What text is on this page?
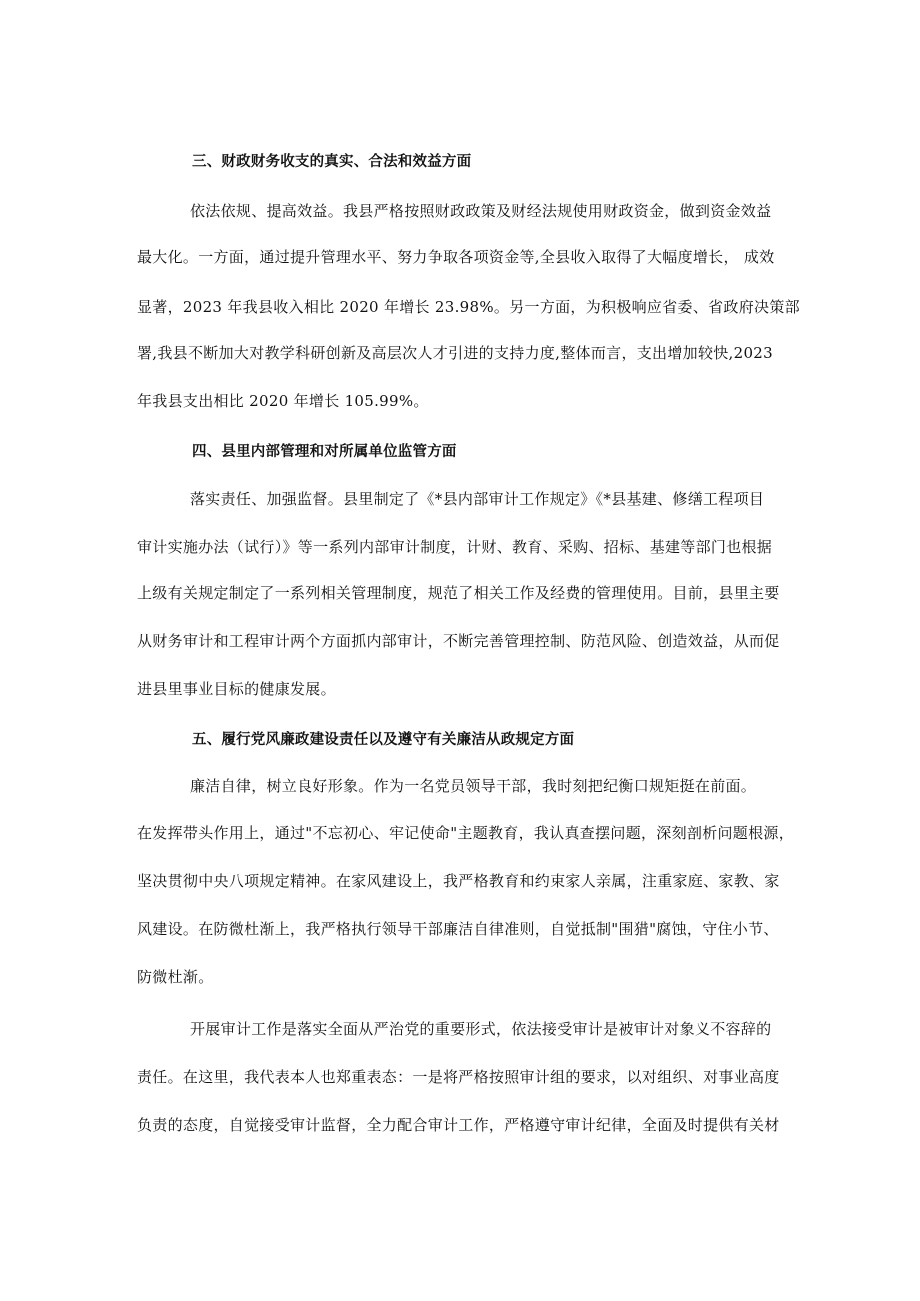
三、财政财务收支的真实、合法和效益方面
依法依规、提高效益。我县严格按照财政政策及财经法规使用财政资金，做到资金效益
最大化。一方面，通过提升管理水平、努力争取各项资金等,全县收入取得了大幅度增长， 成效
显著，2023 年我县收入相比 2020 年增长 23.98%。另一方面，为积极响应省委、省政府决策部
署,我县不断加大对教学科研创新及高层次人才引进的支持力度,整体而言，支出增加较快,2023
年我县支出相比 2020 年增长 105.99%。
四、县里内部管理和对所属单位监管方面
落实责任、加强监督。县里制定了《*县内部审计工作规定》《*县基建、修缮工程项目
审计实施办法（试行）》等一系列内部审计制度，计财、教育、采购、招标、基建等部门也根据
上级有关规定制定了一系列相关管理制度，规范了相关工作及经费的管理使用。目前，县里主要
从财务审计和工程审计两个方面抓内部审计，不断完善管理控制、防范风险、创造效益，从而促
进县里事业目标的健康发展。
五、履行党风廉政建设责任以及遵守有关廉洁从政规定方面
廉洁自律，树立良好形象。作为一名党员领导干部，我时刻把纪衡口规矩挺在前面。
在发挥带头作用上，通过"不忘初心、牢记使命"主题教育，我认真查摆问题，深刻剖析问题根源，
坚决贯彻中央八项规定精神。在家风建设上，我严格教育和约束家人亲属，注重家庭、家教、家
风建设。在防微杜渐上，我严格执行领导干部廉洁自律准则，自觉抵制"围猎"腐蚀，守住小节、
防微杜渐。
开展审计工作是落实全面从严治党的重要形式，依法接受审计是被审计对象义不容辞的
责任。在这里，我代表本人也郑重表态：一是将严格按照审计组的要求，以对组织、对事业高度
负责的态度，自觉接受审计监督，全力配合审计工作，严格遵守审计纪律，全面及时提供有关材
